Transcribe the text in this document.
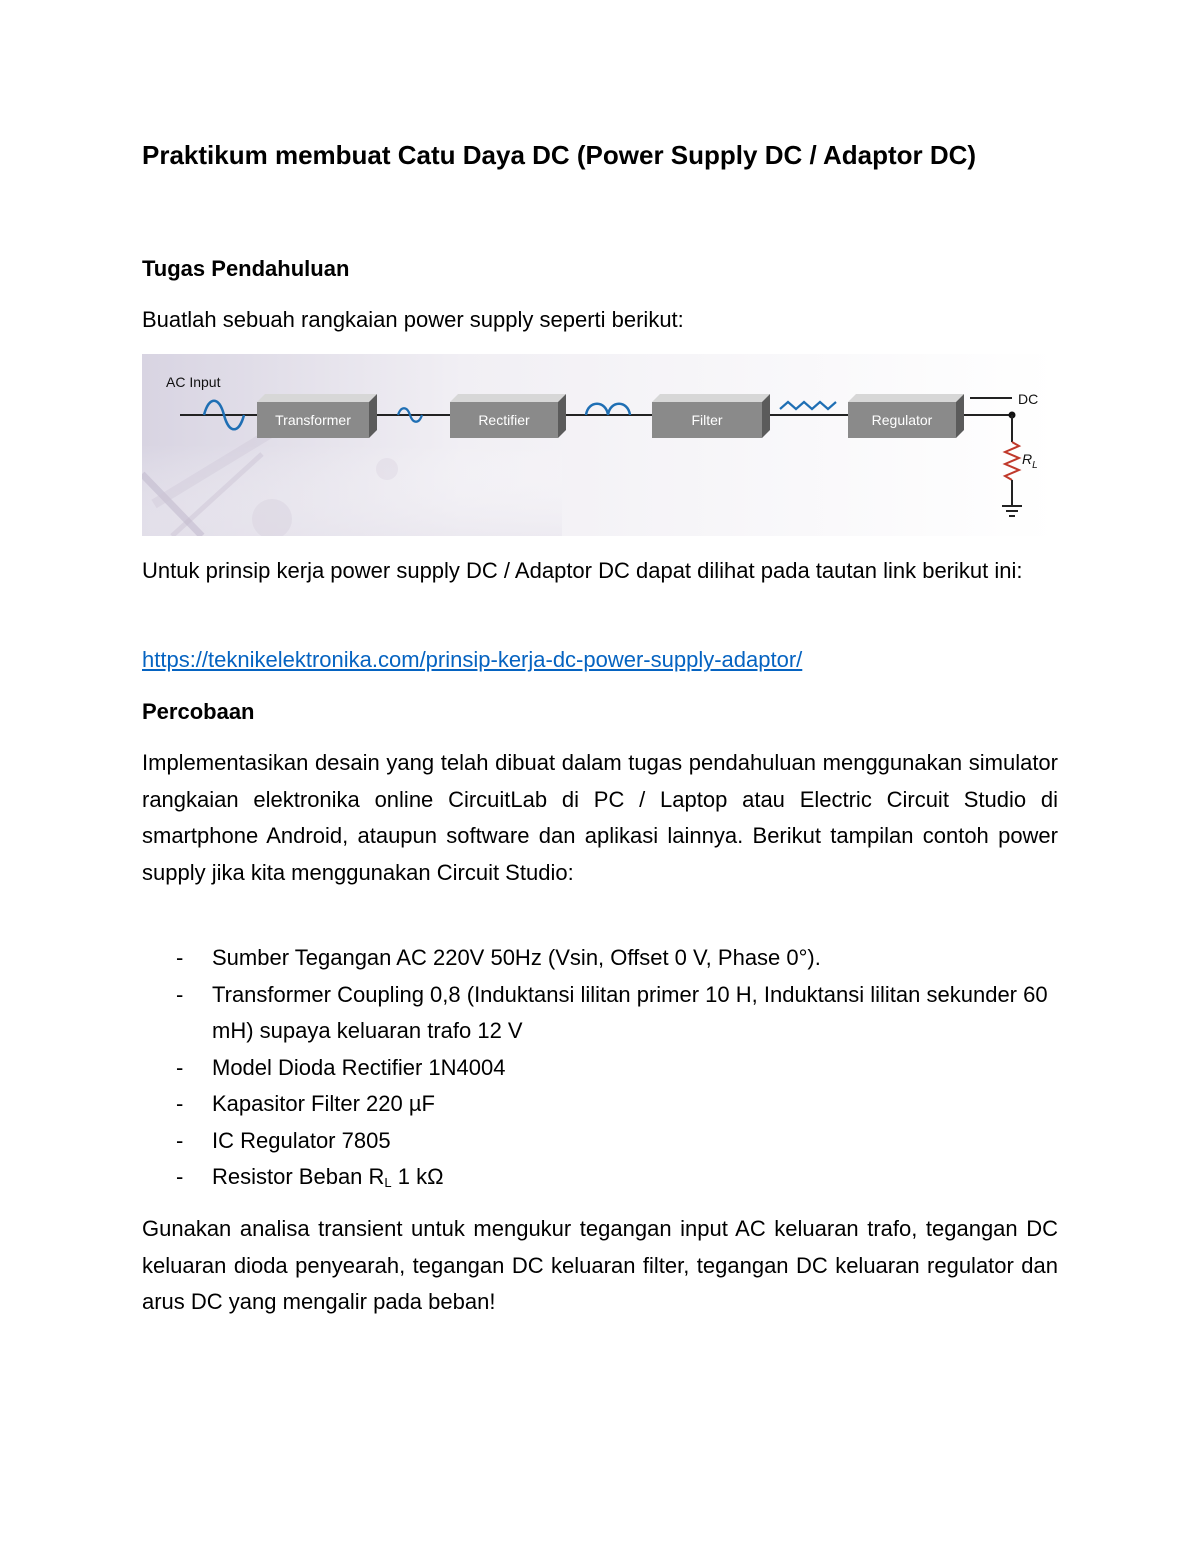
Praktikum membuat Catu Daya DC (Power Supply DC / Adaptor DC)

Tugas Pendahuluan

Buatlah sebuah rangkaian power supply seperti berikut:

AC Input
Transformer	Rectifier	Filter	Regulator
DC
$R_L$

Untuk prinsip kerja power supply DC / Adaptor DC dapat dilihat pada tautan link berikut ini:

https://teknikelektronika.com/prinsip-kerja-dc-power-supply-adaptor/

Percobaan

Implementasikan desain yang telah dibuat dalam tugas pendahuluan menggunakan simulator rangkaian elektronika online CircuitLab di PC / Laptop atau Electric Circuit Studio di smartphone Android, ataupun software dan aplikasi lainnya. Berikut tampilan contoh power supply jika kita menggunakan Circuit Studio:

- Sumber Tegangan AC 220V 50Hz (Vsin, Offset 0 V, Phase 0°).
- Transformer Coupling 0,8 (Induktansi lilitan primer 10 H, Induktansi lilitan sekunder 60 mH) supaya keluaran trafo 12 V
- Model Dioda Rectifier 1N4004
- Kapasitor Filter 220 µF
- IC Regulator 7805
- Resistor Beban $R_L$ 1 kΩ

Gunakan analisa transient untuk mengukur tegangan input AC keluaran trafo, tegangan DC keluaran dioda penyearah, tegangan DC keluaran filter, tegangan DC keluaran regulator dan arus DC yang mengalir pada beban!
